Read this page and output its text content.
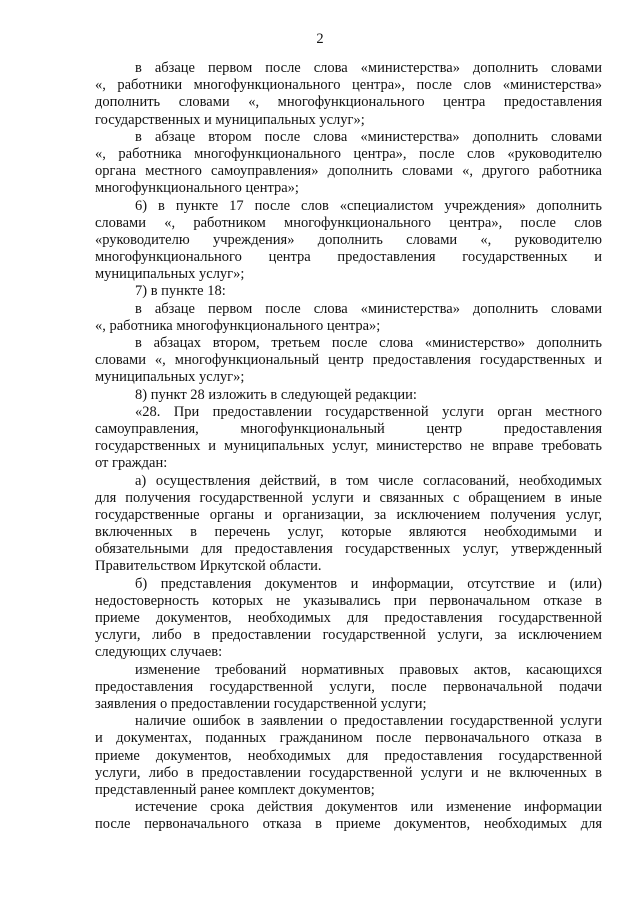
2
в абзаце первом после слова «министерства» дополнить словами
«, работники многофункционального центра», после слов «министерства»
дополнить словами «, многофункционального центра предоставления
государственных и муниципальных услуг»;
в абзаце втором после слова «министерства» дополнить словами
«, работника многофункционального центра», после слов «руководителю
органа местного самоуправления» дополнить словами «, другого работника
многофункционального центра»;
6) в пункте 17 после слов «специалистом учреждения» дополнить
словами «, работником многофункционального центра», после слов
«руководителю учреждения» дополнить словами «, руководителю
многофункционального центра предоставления государственных и
муниципальных услуг»;
7) в пункте 18:
в абзаце первом после слова «министерства» дополнить словами
«, работника многофункционального центра»;
в абзацах втором, третьем после слова «министерство» дополнить
словами «, многофункциональный центр предоставления государственных и
муниципальных услуг»;
8) пункт 28 изложить в следующей редакции:
«28. При предоставлении государственной услуги орган местного
самоуправления, многофункциональный центр предоставления
государственных и муниципальных услуг, министерство не вправе требовать
от граждан:
а) осуществления действий, в том числе согласований, необходимых
для получения государственной услуги и связанных с обращением в иные
государственные органы и организации, за исключением получения услуг,
включенных в перечень услуг, которые являются необходимыми и
обязательными для предоставления государственных услуг, утвержденный
Правительством Иркутской области.
б) представления документов и информации, отсутствие и (или)
недостоверность которых не указывались при первоначальном отказе в
приеме документов, необходимых для предоставления государственной
услуги, либо в предоставлении государственной услуги, за исключением
следующих случаев:
изменение требований нормативных правовых актов, касающихся
предоставления государственной услуги, после первоначальной подачи
заявления о предоставлении государственной услуги;
наличие ошибок в заявлении о предоставлении государственной услуги
и документах, поданных гражданином после первоначального отказа в
приеме документов, необходимых для предоставления государственной
услуги, либо в предоставлении государственной услуги и не включенных в
представленный ранее комплект документов;
истечение срока действия документов или изменение информации
после первоначального отказа в приеме документов, необходимых для
